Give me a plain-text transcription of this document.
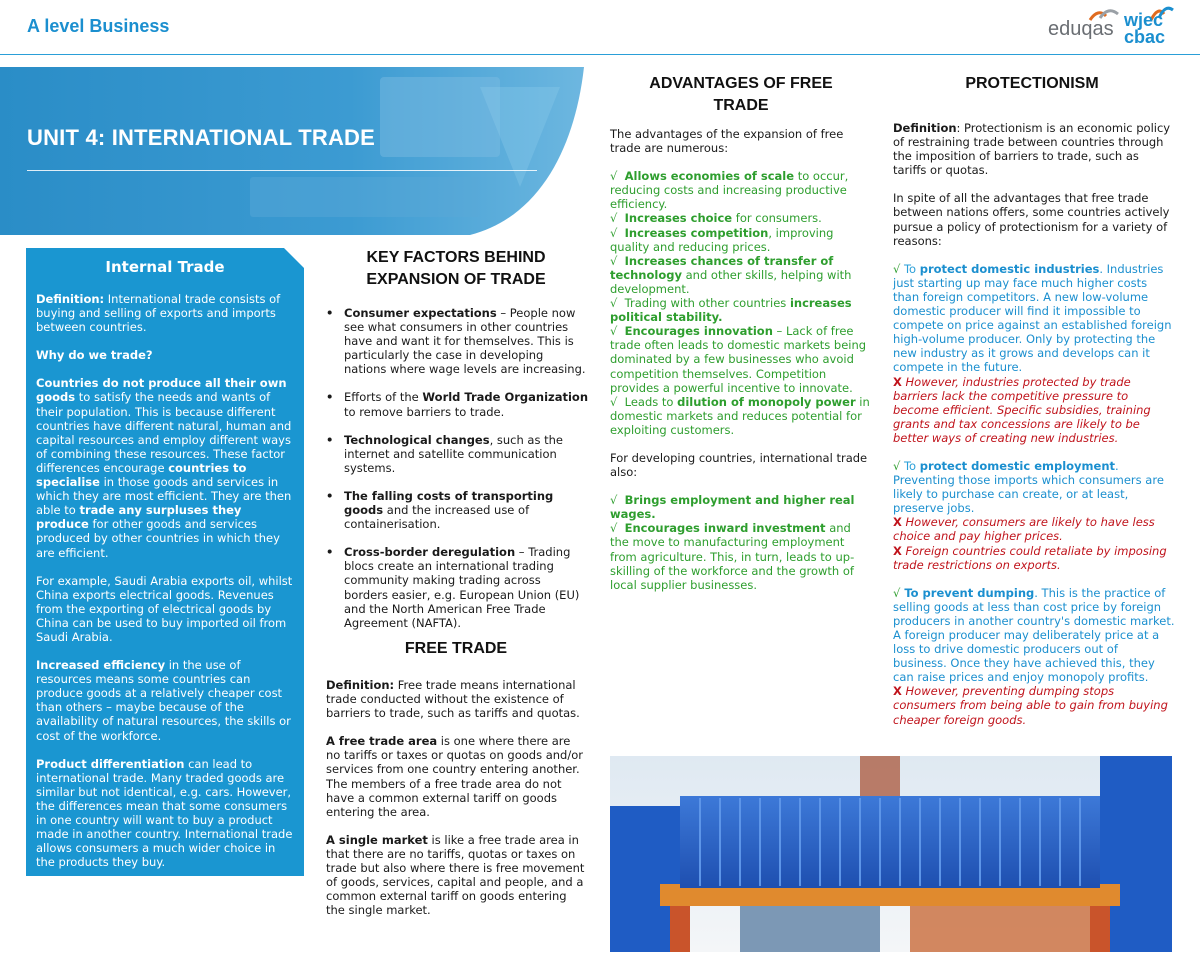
A level Business	eduqas wjec
cbac
UNIT 4: INTERNATIONAL TRADE
Internal Trade

Definition: International trade consists of buying and selling of exports and imports between countries.

Why do we trade?

Countries do not produce all their own goods to satisfy the needs and wants of their population. This is because different countries have different natural, human and capital resources and employ different ways of combining these resources. These factor differences encourage countries to specialise in those goods and services in which they are most efficient. They are then able to trade any surpluses they produce for other goods and services produced by other countries in which they are efficient.

For example, Saudi Arabia exports oil, whilst China exports electrical goods. Revenues from the exporting of electrical goods by China can be used to buy imported oil from Saudi Arabia.

Increased efficiency in the use of resources means some countries can produce goods at a relatively cheaper cost than others – maybe because of the availability of natural resources, the skills or cost of the workforce.

Product differentiation can lead to international trade. Many traded goods are similar but not identical, e.g. cars. However, the differences mean that some consumers in one country will want to buy a product made in another country. International trade allows consumers a much wider choice in the products they buy.

KEY FACTORS BEHIND EXPANSION OF TRADE
• Consumer expectations – People now see what consumers in other countries have and want it for themselves. This is particularly the case in developing nations where wage levels are increasing.
• Efforts of the World Trade Organization to remove barriers to trade.
• Technological changes, such as the internet and satellite communication systems.
• The falling costs of transporting goods and the increased use of containerisation.
• Cross-border deregulation – Trading blocs create an international trading community making trading across borders easier, e.g. European Union (EU) and the North American Free Trade Agreement (NAFTA).
FREE TRADE

Definition: Free trade means international trade conducted without the existence of barriers to trade, such as tariffs and quotas.

A free trade area is one where there are no tariffs or taxes or quotas on goods and/or services from one country entering another. The members of a free trade area do not have a common external tariff on goods entering the area.

A single market is like a free trade area in that there are no tariffs, quotas or taxes on trade but also where there is free movement of goods, services, capital and people, and a common external tariff on goods entering the single market.

ADVANTAGES OF FREE TRADE

The advantages of the expansion of free trade are numerous:

√ Allows economies of scale to occur, reducing costs and increasing productive efficiency.
√ Increases choice for consumers.
√ Increases competition, improving quality and reducing prices.
√ Increases chances of transfer of technology and other skills, helping with development.
√ Trading with other countries increases political stability.
√ Encourages innovation – Lack of free trade often leads to domestic markets being dominated by a few businesses who avoid competition themselves. Competition provides a powerful incentive to innovate.
√ Leads to dilution of monopoly power in domestic markets and reduces potential for exploiting customers.

For developing countries, international trade also:

√ Brings employment and higher real wages.
√ Encourages inward investment and the move to manufacturing employment from agriculture. This, in turn, leads to up-skilling of the workforce and the growth of local supplier businesses.
PROTECTIONISM

Definition: Protectionism is an economic policy of restraining trade between countries through the imposition of barriers to trade, such as tariffs or quotas.

In spite of all the advantages that free trade between nations offers, some countries actively pursue a policy of protectionism for a variety of reasons:

√ To protect domestic industries. Industries just starting up may face much higher costs than foreign competitors. A new low-volume domestic producer will find it impossible to compete on price against an established foreign high-volume producer. Only by protecting the new industry as it grows and develops can it compete in the future.
X However, industries protected by trade barriers lack the competitive pressure to become efficient. Specific subsidies, training grants and tax concessions are likely to be better ways of creating new industries.

√ To protect domestic employment. Preventing those imports which consumers are likely to purchase can create, or at least, preserve jobs.
X However, consumers are likely to have less choice and pay higher prices.
X Foreign countries could retaliate by imposing trade restrictions on exports.

√ To prevent dumping. This is the practice of selling goods at less than cost price by foreign producers in another country's domestic market.
A foreign producer may deliberately price at a loss to drive domestic producers out of business. Once they have achieved this, they can raise prices and enjoy monopoly profits.
X However, preventing dumping stops consumers from being able to gain from buying cheaper foreign goods.
